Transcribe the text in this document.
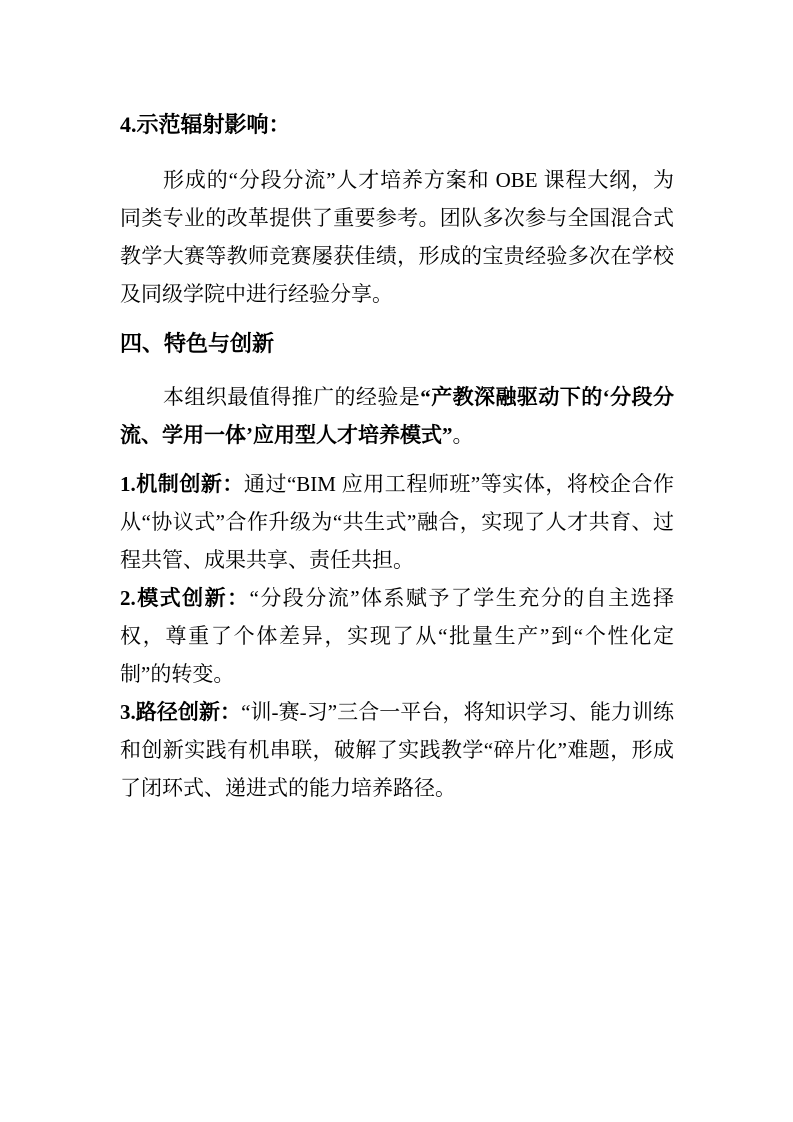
4.示范辐射影响：
形成的“分段分流”人才培养方案和 OBE 课程大纲，为同类专业的改革提供了重要参考。团队多次参与全国混合式教学大赛等教师竞赛屡获佳绩，形成的宝贵经验多次在学校及同级学院中进行经验分享。
四、特色与创新
本组织最值得推广的经验是“产教深融驱动下的‘分段分流、学用一体’应用型人才培养模式”。
1.机制创新：通过“BIM 应用工程师班”等实体，将校企合作从“协议式”合作升级为“共生式”融合，实现了人才共育、过程共管、成果共享、责任共担。
2.模式创新：“分段分流”体系赋予了学生充分的自主选择权，尊重了个体差异，实现了从“批量生产”到“个性化定制”的转变。
3.路径创新：“训-赛-习”三合一平台，将知识学习、能力训练和创新实践有机串联，破解了实践教学“碎片化”难题，形成了闭环式、递进式的能力培养路径。
